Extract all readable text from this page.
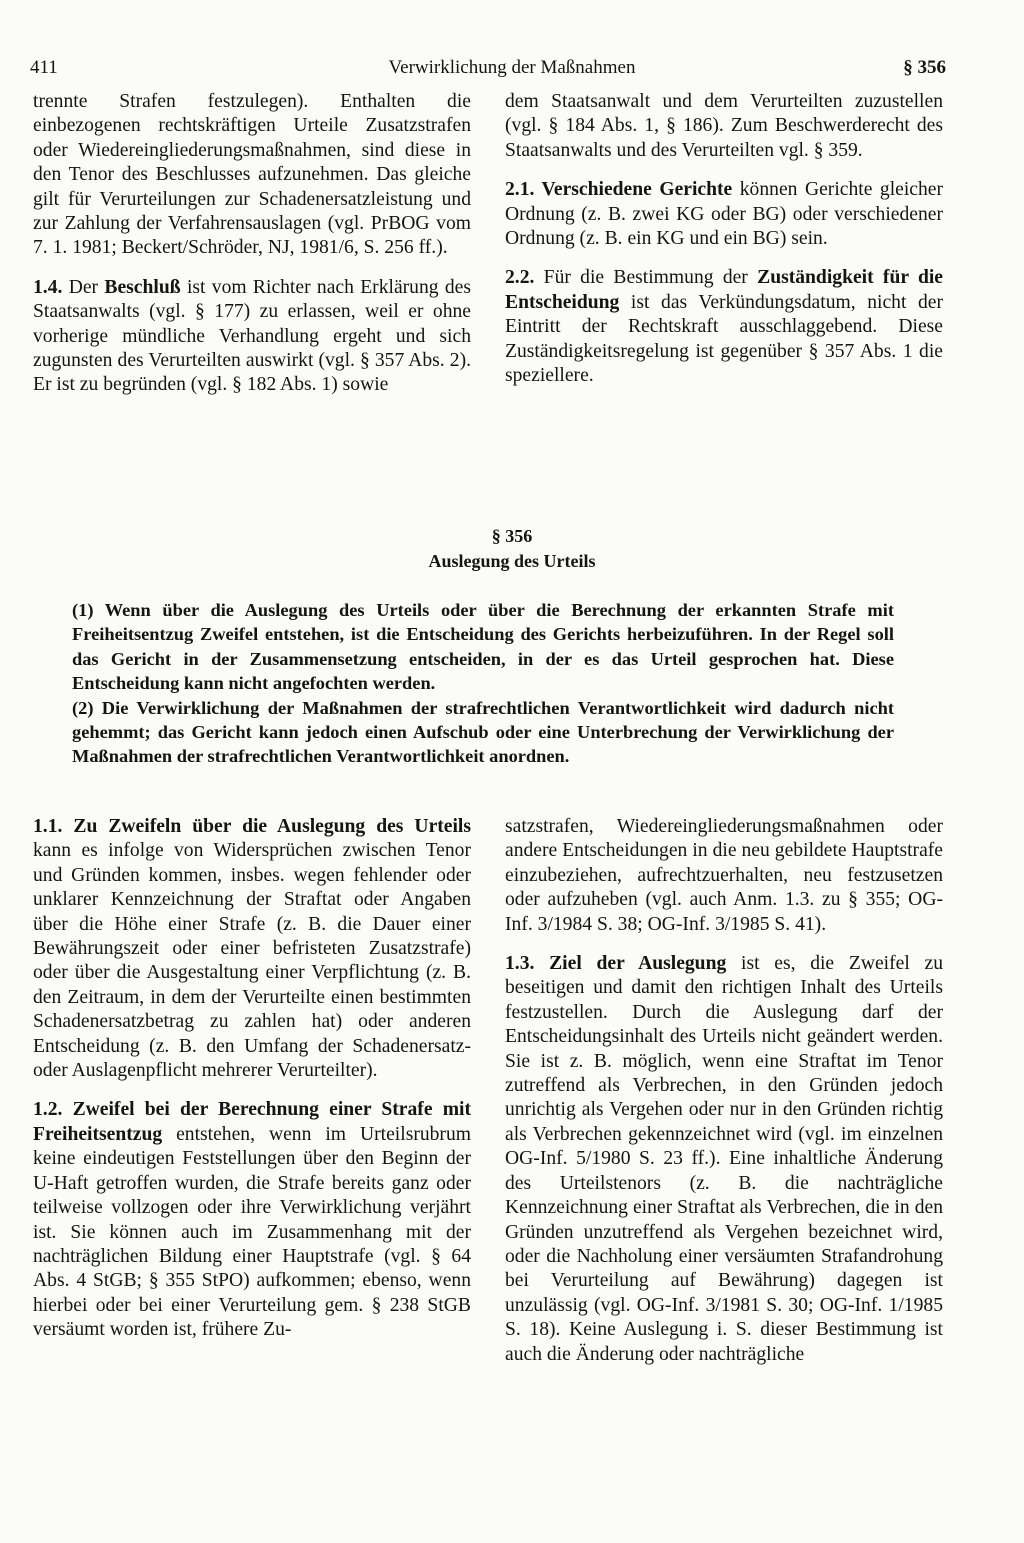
411	Verwirklichung der Maßnahmen	§ 356

trennte Strafen festzulegen). Enthalten die einbezogenen rechtskräftigen Urteile Zusatzstrafen oder Wiedereingliederungsmaßnahmen, sind diese in den Tenor des Beschlusses aufzunehmen. Das gleiche gilt für Verurteilungen zur Schadenersatzleistung und zur Zahlung der Verfahrensauslagen (vgl. PrBOG vom 7. 1. 1981; Beckert/Schröder, NJ, 1981/6, S. 256 ff.).

1.4. Der Beschluß ist vom Richter nach Erklärung des Staatsanwalts (vgl. § 177) zu erlassen, weil er ohne vorherige mündliche Verhandlung ergeht und sich zugunsten des Verurteilten auswirkt (vgl. § 357 Abs. 2). Er ist zu begründen (vgl. § 182 Abs. 1) sowie

dem Staatsanwalt und dem Verurteilten zuzustellen (vgl. § 184 Abs. 1, § 186). Zum Beschwerderecht des Staatsanwalts und des Verurteilten vgl. § 359.

2.1. Verschiedene Gerichte können Gerichte gleicher Ordnung (z. B. zwei KG oder BG) oder verschiedener Ordnung (z. B. ein KG und ein BG) sein.

2.2. Für die Bestimmung der Zuständigkeit für die Entscheidung ist das Verkündungsdatum, nicht der Eintritt der Rechtskraft ausschlaggebend. Diese Zuständigkeitsregelung ist gegenüber § 357 Abs. 1 die speziellere.

§ 356
Auslegung des Urteils

(1) Wenn über die Auslegung des Urteils oder über die Berechnung der erkannten Strafe mit Freiheitsentzug Zweifel entstehen, ist die Entscheidung des Gerichts herbeizuführen. In der Regel soll das Gericht in der Zusammensetzung entscheiden, in der es das Urteil gesprochen hat. Diese Entscheidung kann nicht angefochten werden.

(2) Die Verwirklichung der Maßnahmen der strafrechtlichen Verantwortlichkeit wird dadurch nicht gehemmt; das Gericht kann jedoch einen Aufschub oder eine Unterbrechung der Verwirklichung der Maßnahmen der strafrechtlichen Verantwortlichkeit anordnen.

1.1. Zu Zweifeln über die Auslegung des Urteils kann es infolge von Widersprüchen zwischen Tenor und Gründen kommen, insbes. wegen fehlender oder unklarer Kennzeichnung der Straftat oder Angaben über die Höhe einer Strafe (z. B. die Dauer einer Bewährungszeit oder einer befristeten Zusatzstrafe) oder über die Ausgestaltung einer Verpflichtung (z. B. den Zeitraum, in dem der Verurteilte einen bestimmten Schadenersatzbetrag zu zahlen hat) oder anderen Entscheidung (z. B. den Umfang der Schadenersatz- oder Auslagenpflicht mehrerer Verurteilter).

1.2. Zweifel bei der Berechnung einer Strafe mit Freiheitsentzug entstehen, wenn im Urteilsrubrum keine eindeutigen Feststellungen über den Beginn der U-Haft getroffen wurden, die Strafe bereits ganz oder teilweise vollzogen oder ihre Verwirklichung verjährt ist. Sie können auch im Zusammenhang mit der nachträglichen Bildung einer Hauptstrafe (vgl. § 64 Abs. 4 StGB; § 355 StPO) aufkommen; ebenso, wenn hierbei oder bei einer Verurteilung gem. § 238 StGB versäumt worden ist, frühere Zu-

satzstrafen, Wiedereingliederungsmaßnahmen oder andere Entscheidungen in die neu gebildete Hauptstrafe einzubeziehen, aufrechtzuerhalten, neu festzusetzen oder aufzuheben (vgl. auch Anm. 1.3. zu § 355; OG-Inf. 3/1984 S. 38; OG-Inf. 3/1985 S. 41).

1.3. Ziel der Auslegung ist es, die Zweifel zu beseitigen und damit den richtigen Inhalt des Urteils festzustellen. Durch die Auslegung darf der Entscheidungsinhalt des Urteils nicht geändert werden. Sie ist z. B. möglich, wenn eine Straftat im Tenor zutreffend als Verbrechen, in den Gründen jedoch unrichtig als Vergehen oder nur in den Gründen richtig als Verbrechen gekennzeichnet wird (vgl. im einzelnen OG-Inf. 5/1980 S. 23 ff.). Eine inhaltliche Änderung des Urteilstenors (z. B. die nachträgliche Kennzeichnung einer Straftat als Verbrechen, die in den Gründen unzutreffend als Vergehen bezeichnet wird, oder die Nachholung einer versäumten Strafandrohung bei Verurteilung auf Bewährung) dagegen ist unzulässig (vgl. OG-Inf. 3/1981 S. 30; OG-Inf. 1/1985 S. 18). Keine Auslegung i. S. dieser Bestimmung ist auch die Änderung oder nachträgliche
